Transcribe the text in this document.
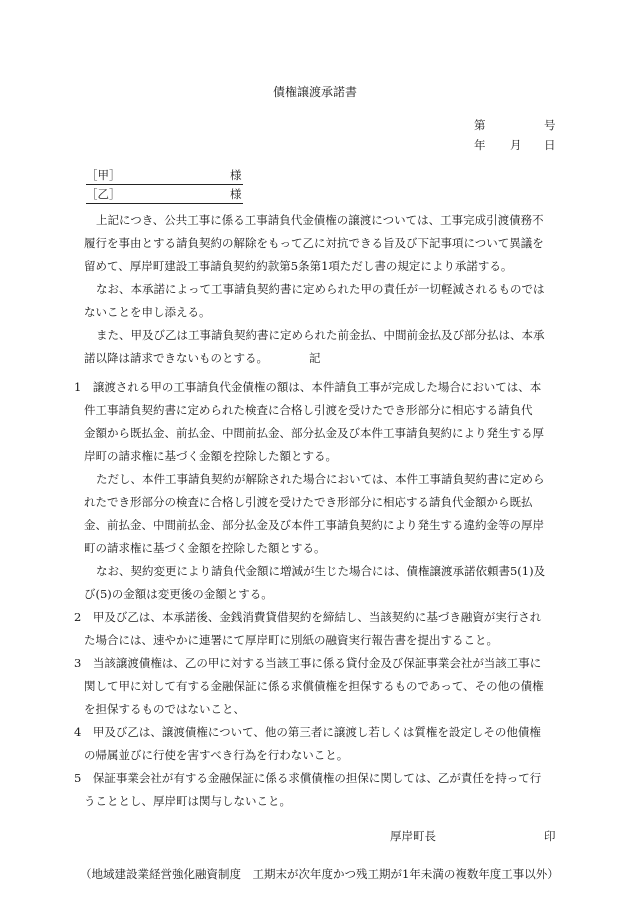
債権譲渡承諾書
第	号
年 月 日
［甲］	様
［乙］	様
上記につき、公共工事に係る工事請負代金債権の譲渡については、工事完成引渡債務不
履行を事由とする請負契約の解除をもって乙に対抗できる旨及び下記事項について異議を
留めて、厚岸町建設工事請負契約約款第5条第1項ただし書の規定により承諾する。
なお、本承諾によって工事請負契約書に定められた甲の責任が一切軽減されるものでは
ないことを申し添える。
また、甲及び乙は工事請負契約書に定められた前金払、中間前金払及び部分払は、本承
諾以降は請求できないものとする。	記
1　譲渡される甲の工事請負代金債権の額は、本件請負工事が完成した場合においては、本
件工事請負契約書に定められた検査に合格し引渡を受けたでき形部分に相応する請負代
金額から既払金、前払金、中間前払金、部分払金及び本件工事請負契約により発生する厚
岸町の請求権に基づく金額を控除した額とする。
ただし、本件工事請負契約が解除された場合においては、本件工事請負契約書に定めら
れたでき形部分の検査に合格し引渡を受けたでき形部分に相応する請負代金額から既払
金、前払金、中間前払金、部分払金及び本件工事請負契約により発生する違約金等の厚岸
町の請求権に基づく金額を控除した額とする。
なお、契約変更により請負代金額に増減が生じた場合には、債権譲渡承諾依頼書5(1)及
び(5)の金額は変更後の金額とする。
2　甲及び乙は、本承諾後、金銭消費貸借契約を締結し、当該契約に基づき融資が実行され
た場合には、速やかに連署にて厚岸町に別紙の融資実行報告書を提出すること。
3　当該譲渡債権は、乙の甲に対する当該工事に係る貸付金及び保証事業会社が当該工事に
関して甲に対して有する金融保証に係る求償債権を担保するものであって、その他の債権
を担保するものではないこと、
4　甲及び乙は、譲渡債権について、他の第三者に譲渡し若しくは質権を設定しその他債権
の帰属並びに行使を害すべき行為を行わないこと。
5　保証事業会社が有する金融保証に係る求償債権の担保に関しては、乙が責任を持って行
うこととし、厚岸町は関与しないこと。
厚岸町長	印
（地域建設業経営強化融資制度　工期末が次年度かつ残工期が1年未満の複数年度工事以外）
